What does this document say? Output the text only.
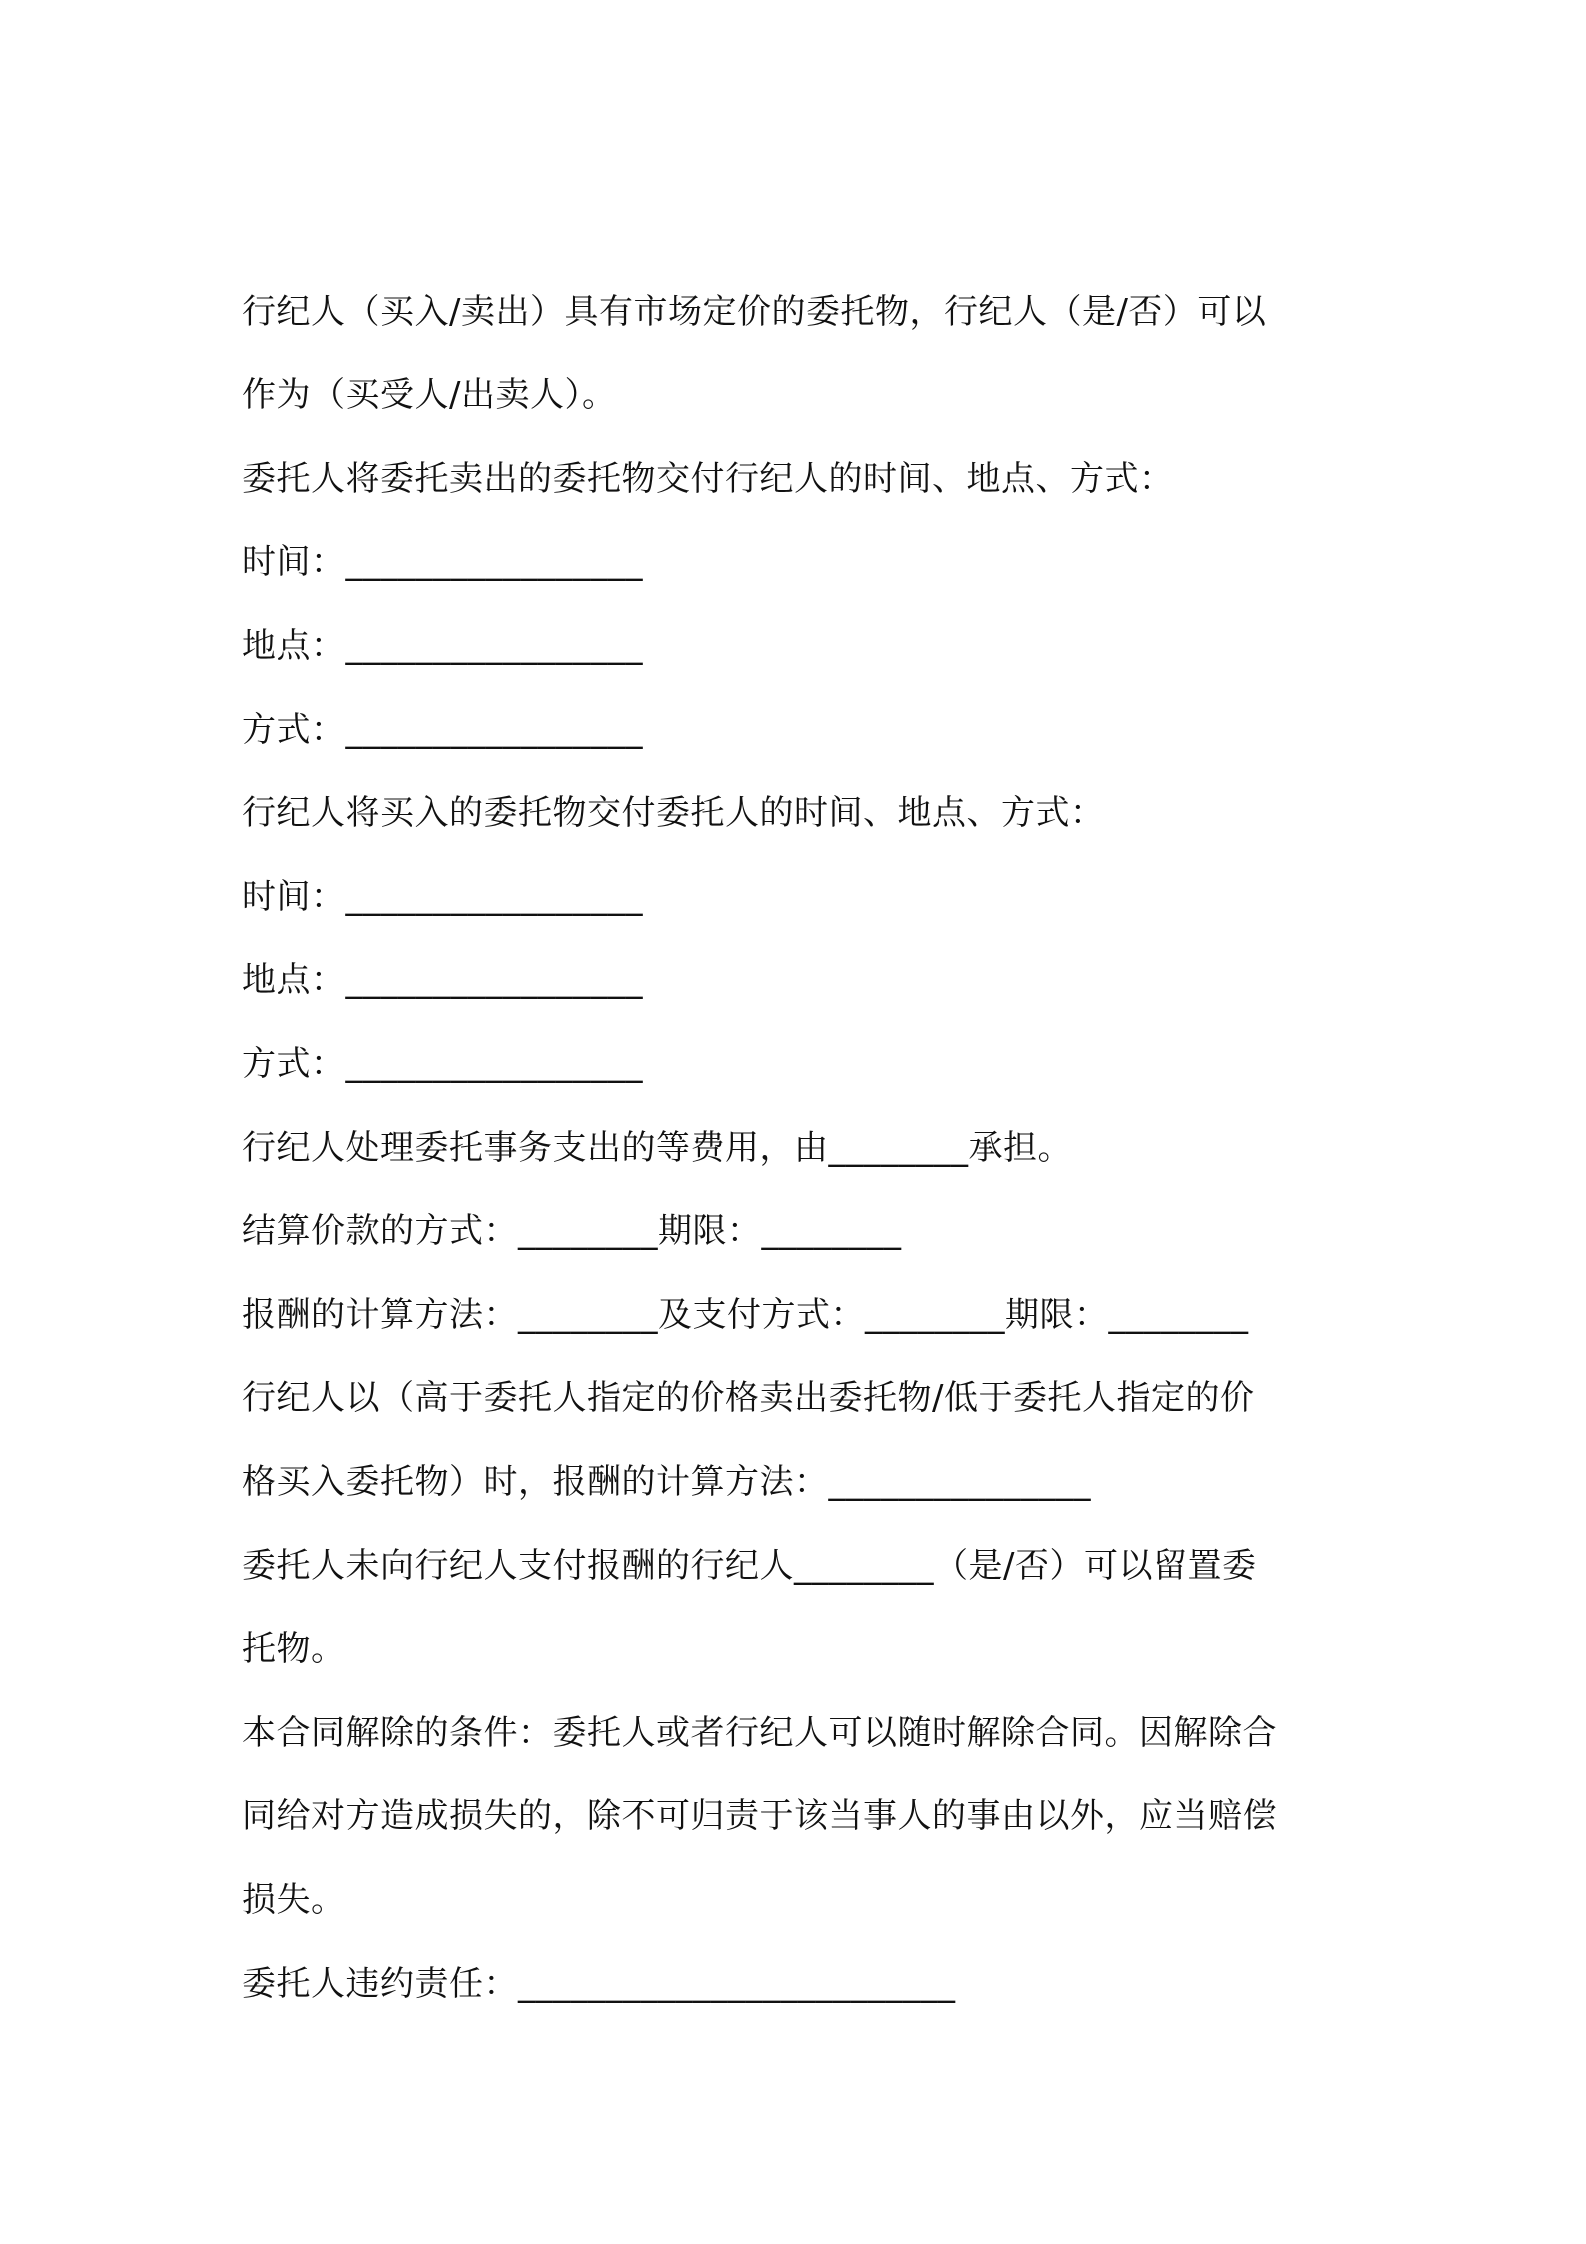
行纪人（买入/卖出）具有市场定价的委托物，行纪人（是/否）可以
作为（买受人/出卖人）。
委托人将委托卖出的委托物交付行纪人的时间、地点、方式：
时间：_________________
地点：_________________
方式：_________________
行纪人将买入的委托物交付委托人的时间、地点、方式：
时间：_________________
地点：_________________
方式：_________________
行纪人处理委托事务支出的等费用，由________承担。
结算价款的方式：________期限：________
报酬的计算方法：________及支付方式：________期限：________
行纪人以（高于委托人指定的价格卖出委托物/低于委托人指定的价
格买入委托物）时，报酬的计算方法：_______________
委托人未向行纪人支付报酬的行纪人________（是/否）可以留置委
托物。
本合同解除的条件：委托人或者行纪人可以随时解除合同。因解除合
同给对方造成损失的，除不可归责于该当事人的事由以外，应当赔偿
损失。
委托人违约责任：_________________________
